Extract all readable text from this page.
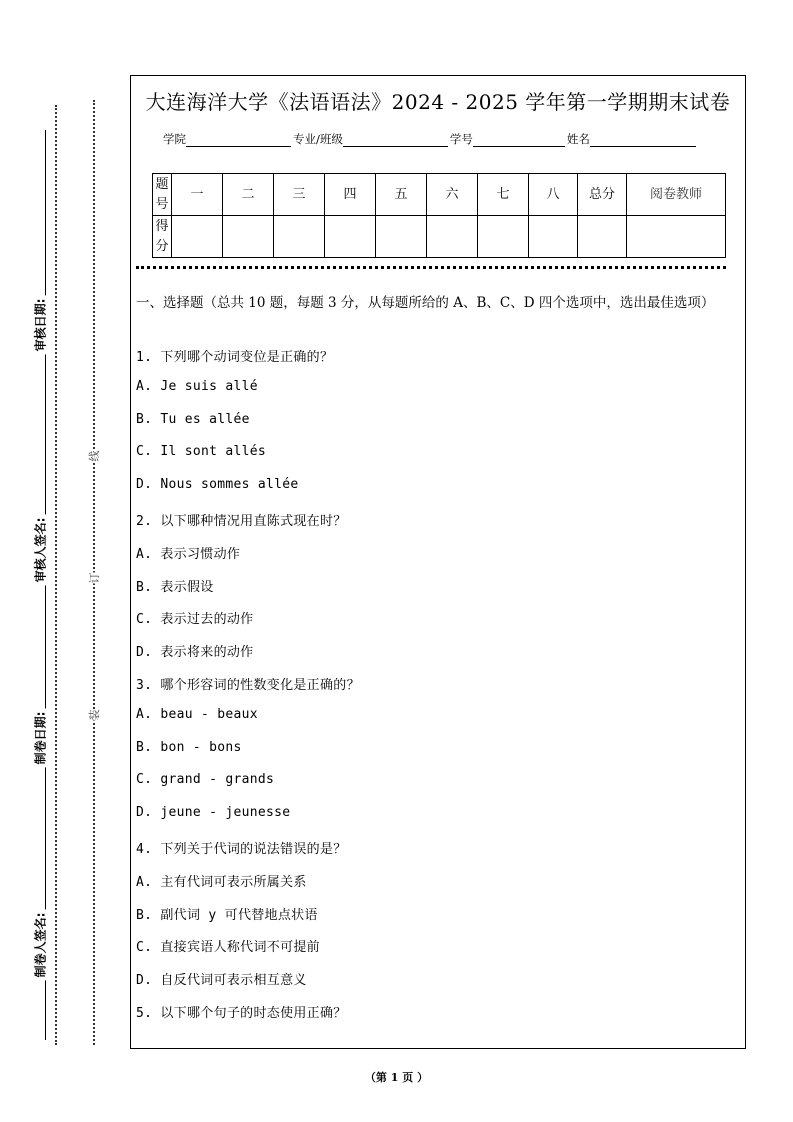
审核日期:
审核人签名:
制卷日期:
制卷人签名:
线
订
装
大连海洋大学《法语语法》2024 - 2025 学年第一学期期末试卷
学院	专业/班级	学号	姓名
题号	一	二	三	四	五	六	七	八	总分	阅卷教师
得分										
一、选择题（总共 10 题，每题 3 分，从每题所给的 A、B、C、D 四个选项中，选出最佳选项）
1. 下列哪个动词变位是正确的？
A. Je suis allé
B. Tu es allée
C. Il sont allés
D. Nous sommes allée
2. 以下哪种情况用直陈式现在时？
A. 表示习惯动作
B. 表示假设
C. 表示过去的动作
D. 表示将来的动作
3. 哪个形容词的性数变化是正确的？
A. beau - beaux
B. bon - bons
C. grand - grands
D. jeune - jeunesse
4. 下列关于代词的说法错误的是？
A. 主有代词可表示所属关系
B. 副代词 y 可代替地点状语
C. 直接宾语人称代词不可提前
D. 自反代词可表示相互意义
5. 以下哪个句子的时态使用正确？
（第 1 页 ）
